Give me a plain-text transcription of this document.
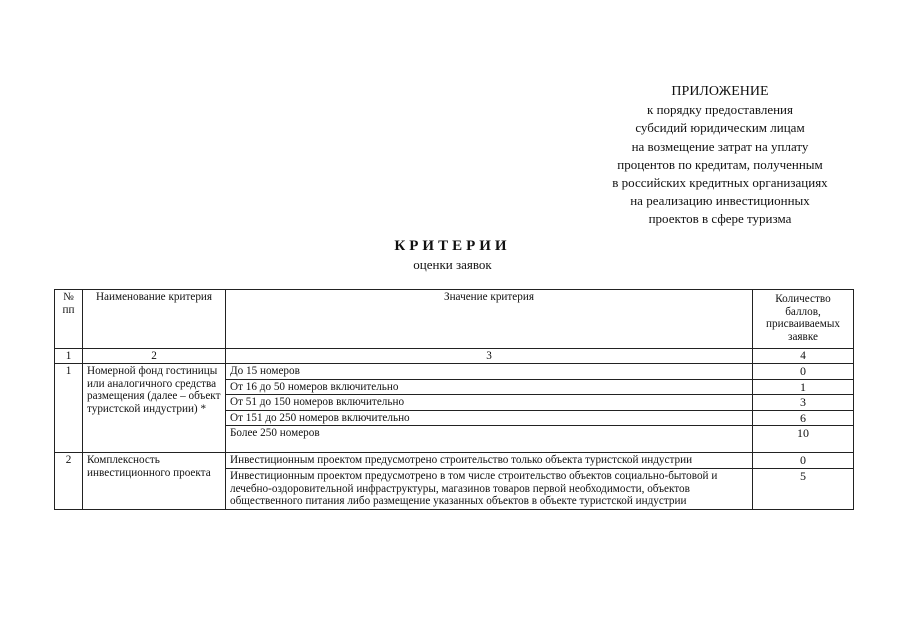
ПРИЛОЖЕНИЕ
к порядку предоставления
субсидий юридическим лицам
на возмещение затрат на уплату
процентов по кредитам, полученным
в российских кредитных организациях
на реализацию инвестиционных
проектов в сфере туризма
КРИТЕРИИ
оценки заявок
№ пп	Наименование критерия	Значение критерия	Количество баллов, присваиваемых заявке
1	2	3	4
1	Номерной фонд гостиницы или аналогичного средства размещения (далее – объект туристской индустрии) *	До 15 номеров	0
		От 16 до 50 номеров включительно	1
		От 51 до 150 номеров включительно	3
		От 151 до 250 номеров включительно	6
		Более 250 номеров	10
2	Комплексность инвестиционного проекта	Инвестиционным проектом предусмотрено строительство только объекта туристской индустрии	0
		Инвестиционным проектом предусмотрено в том числе строительство объектов социально-бытовой и лечебно-оздоровительной инфраструктуры, магазинов товаров первой необходимости, объектов общественного питания либо размещение указанных объектов в объекте туристской индустрии	5
